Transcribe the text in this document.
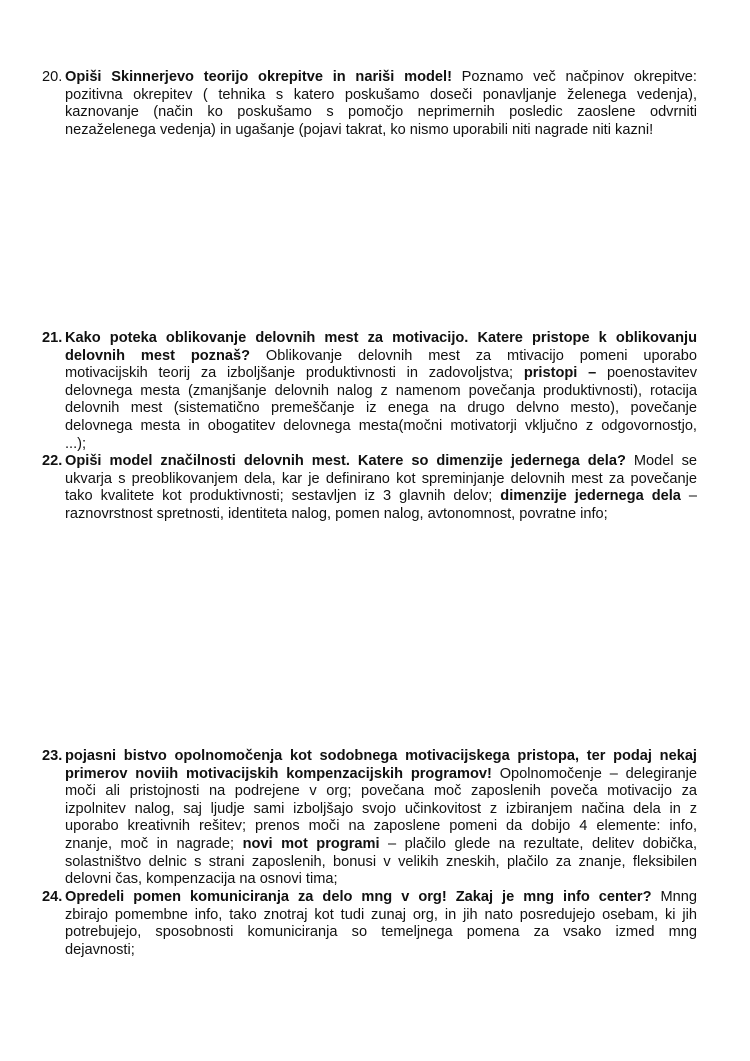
20. Opiši Skinnerjevo teorijo okrepitve in nariši model! Poznamo več načpinov okrepitve:
pozitivna okrepitev ( tehnika s katero poskušamo doseči ponavljanje želenega vedenja),
kaznovanje (način ko poskušamo s pomočjo neprimernih posledic zaoslene odvrniti
nezaželenega vedenja) in ugašanje (pojavi takrat, ko nismo uporabili niti nagrade niti kazni!
21. Kako poteka oblikovanje delovnih mest za motivacijo. Katere pristope k oblikovanju
delovnih mest poznaš? Oblikovanje delovnih mest za mtivacijo pomeni uporabo
motivacijskih teorij za izboljšanje produktivnosti in zadovoljstva; pristopi – poenostavitev
delovnega mesta (zmanjšanje delovnih nalog z namenom povečanja produktivnosti), rotacija
delovnih mest (sistematično premeščanje iz enega na drugo delvno mesto), povečanje
delovnega mesta in obogatitev delovnega mesta(močni motivatorji vključno z odgovornostjo,
...);
22. Opiši model značilnosti delovnih mest. Katere so dimenzije jedernega dela? Model se
ukvarja s preoblikovanjem dela, kar je definirano kot spreminjanje delovnih mest za povečanje
tako kvalitete kot produktivnosti; sestavljen iz 3 glavnih delov; dimenzije jedernega dela –
raznovrstnost spretnosti, identiteta nalog, pomen nalog, avtonomnost, povratne info;
23. pojasni bistvo opolnomočenja kot sodobnega motivacijskega pristopa, ter podaj nekaj
primerov noviih motivacijskih kompenzacijskih programov! Opolnomočenje – delegiranje
moči ali pristojnosti na podrejene v org; povečana moč zaposlenih poveča motivacijo za
izpolnitev nalog, saj ljudje sami izboljšajo svojo učinkovitost z izbiranjem načina dela in z
uporabo kreativnih rešitev; prenos moči na zaposlene pomeni da dobijo 4 elemente: info,
znanje, moč in nagrade; novi mot programi – plačilo glede na rezultate, delitev dobička,
solastništvo delnic s strani zaposlenih, bonusi v velikih zneskih, plačilo za znanje, fleksibilen
delovni čas, kompenzacija na osnovi tima;
24. Opredeli pomen komuniciranja za delo mng v org! Zakaj je mng info center? Mnng
zbirajo pomembne info, tako znotraj kot tudi zunaj org, in jih nato posredujejo osebam, ki jih
potrebujejo, sposobnosti komuniciranja so temeljnega pomena za vsako izmed mng
dejavnosti;
